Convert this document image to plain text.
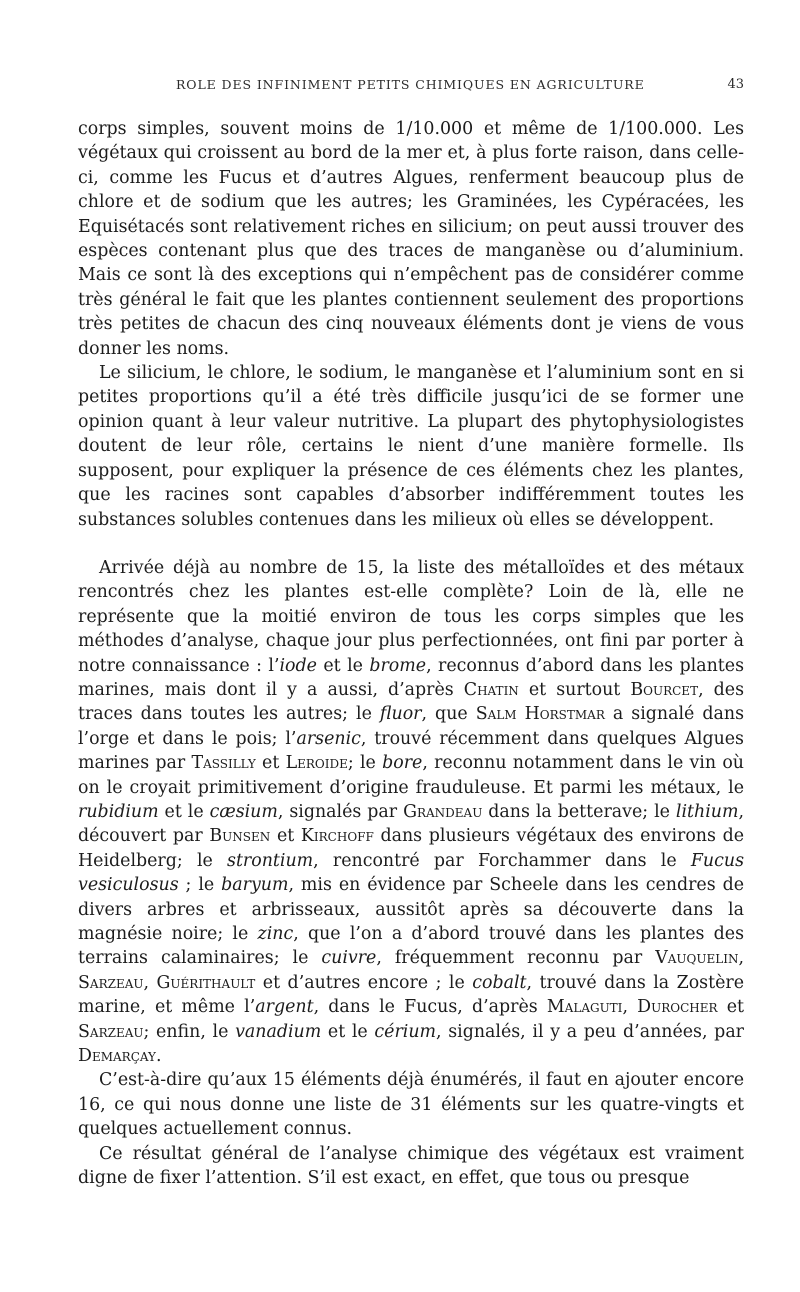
ROLE DES INFINIMENT PETITS CHIMIQUES EN AGRICULTURE	43

corps simples, souvent moins de 1/10.000 et même de 1/100.000. Les végétaux qui croissent au bord de la mer et, à plus forte raison, dans celle-ci, comme les Fucus et d’autres Algues, renferment beaucoup plus de chlore et de sodium que les autres; les Graminées, les Cypéracées, les Equisétacés sont relativement riches en silicium; on peut aussi trouver des espèces contenant plus que des traces de manganèse ou d’aluminium. Mais ce sont là des exceptions qui n’empêchent pas de considérer comme très général le fait que les plantes contiennent seulement des proportions très petites de chacun des cinq nouveaux éléments dont je viens de vous donner les noms.

Le silicium, le chlore, le sodium, le manganèse et l’aluminium sont en si petites proportions qu’il a été très difficile jusqu’ici de se former une opinion quant à leur valeur nutritive. La plupart des phytophysiologistes doutent de leur rôle, certains le nient d’une manière formelle. Ils supposent, pour expliquer la présence de ces éléments chez les plantes, que les racines sont capables d’absorber indifféremment toutes les substances solubles contenues dans les milieux où elles se développent.

Arrivée déjà au nombre de 15, la liste des métalloïdes et des métaux rencontrés chez les plantes est-elle complète? Loin de là, elle ne représente que la moitié environ de tous les corps simples que les méthodes d’analyse, chaque jour plus perfectionnées, ont fini par porter à notre connaissance : l’iode et le brome, reconnus d’abord dans les plantes marines, mais dont il y a aussi, d’après Chatin et surtout Bourcet, des traces dans toutes les autres; le fluor, que Salm Horstmar a signalé dans l’orge et dans le pois; l’arsenic, trouvé récemment dans quelques Algues marines par Tassilly et Leroide; le bore, reconnu notamment dans le vin où on le croyait primitivement d’origine frauduleuse. Et parmi les métaux, le rubidium et le cæsium, signalés par Grandeau dans la betterave; le lithium, découvert par Bunsen et Kirchoff dans plusieurs végétaux des environs de Heidelberg; le strontium, rencontré par Forchammer dans le Fucus vesiculosus ; le baryum, mis en évidence par Scheele dans les cendres de divers arbres et arbrisseaux, aussitôt après sa découverte dans la magnésie noire; le zinc, que l’on a d’abord trouvé dans les plantes des terrains calaminaires; le cuivre, fréquemment reconnu par Vauquelin, Sarzeau, Guérithault et d’autres encore ; le cobalt, trouvé dans la Zostère marine, et même l’argent, dans le Fucus, d’après Malaguti, Durocher et Sarzeau; enfin, le vanadium et le cérium, signalés, il y a peu d’années, par Demarçay.

C’est-à-dire qu’aux 15 éléments déjà énumérés, il faut en ajouter encore 16, ce qui nous donne une liste de 31 éléments sur les quatre-vingts et quelques actuellement connus.

Ce résultat général de l’analyse chimique des végétaux est vraiment digne de fixer l’attention. S’il est exact, en effet, que tous ou presque
